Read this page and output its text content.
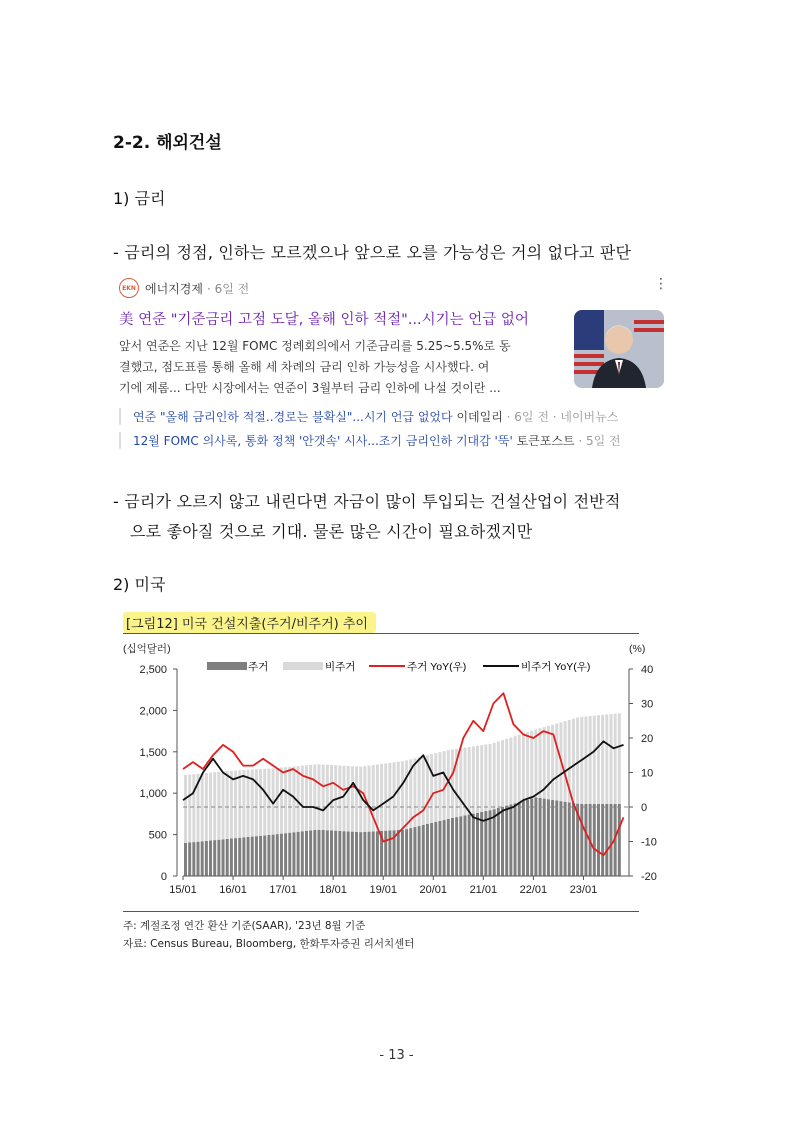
2-2. 해외건설
1) 금리
- 금리의 정점, 인하는 모르겠으나 앞으로 오를 가능성은 거의 없다고 판단
EKN 에너지경제 · 6일 전	⋮
美 연준 "기준금리 고점 도달, 올해 인하 적절"...시기는 언급 없어
앞서 연준은 지난 12월 FOMC 정례회의에서 기준금리를 5.25~5.5%로 동
결했고, 점도표를 통해 올해 세 차례의 금리 인하 가능성을 시사했다. 여
기에 제롬... 다만 시장에서는 연준이 3월부터 금리 인하에 나설 것이란 ...
연준 "올해 금리인하 적절..경로는 불확실"...시기 언급 없었다 이데일리 · 6일 전 · 네이버뉴스
12월 FOMC 의사록, 통화 정책 '안갯속' 시사...조기 금리인하 기대감 '뚝' 토큰포스트 · 5일 전
- 금리가 오르지 않고 내린다면 자금이 많이 투입되는 건설산업이 전반적
으로 좋아질 것으로 기대. 물론 많은 시간이 필요하겠지만
2) 미국
[그림12] 미국 건설지출(주거/비주거) 추이
(십억달러)	(%)
주거	비주거	주거 YoY(우)	비주거 YoY(우)
2,500
2,000
1,500
1,000
500
0
40
30
20
10
0
-10
-20
15/01 16/01 17/01 18/01 19/01 20/01 21/01 22/01 23/01
주: 계절조정 연간 환산 기준(SAAR), '23년 8월 기준
자료: Census Bureau, Bloomberg, 한화투자증권 리서치센터
- 13 -
